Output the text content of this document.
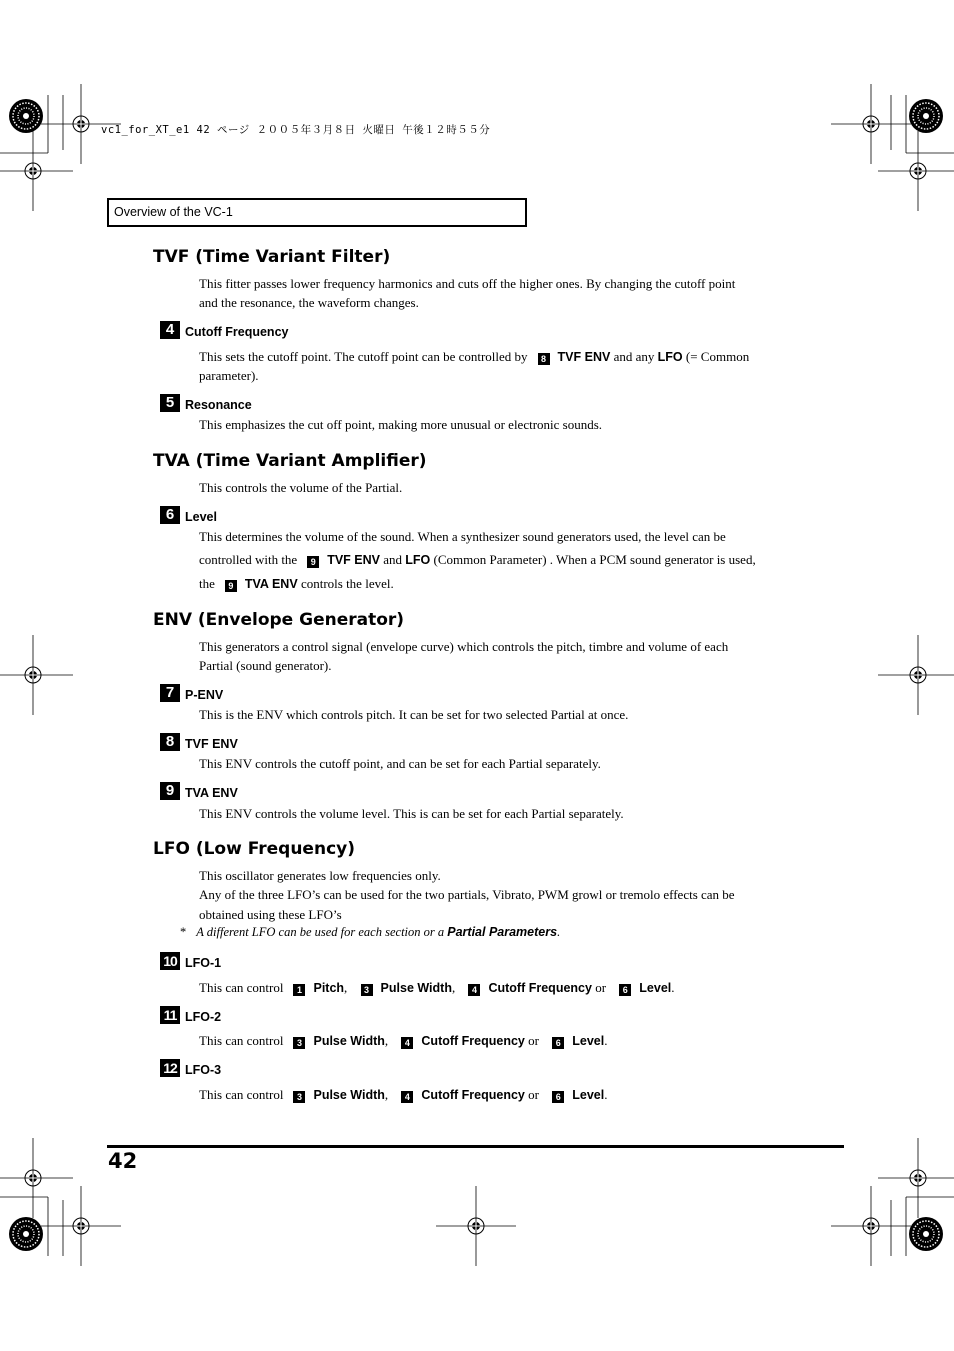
vc1_for_XT_e1 42 ページ ２００５年３月８日 火曜日 午後１２時５５分
Overview of the VC-1
TVF (Time Variant Filter)
This fitter passes lower frequency harmonics and cuts off the higher ones. By changing the cutoff point
and the resonance, the waveform changes.
4 Cutoff Frequency
This sets the cutoff point. The cutoff point can be controlled by 8 TVF ENV and any LFO (= Common
parameter).
5 Resonance
This emphasizes the cut off point, making more unusual or electronic sounds.
TVA (Time Variant Amplifier)
This controls the volume of the Partial.
6 Level
This determines the volume of the sound. When a synthesizer sound generators used, the level can be
controlled with the 9 TVF ENV and LFO (Common Parameter) . When a PCM sound generator is used,
the 9 TVA ENV controls the level.
ENV (Envelope Generator)
This generators a control signal (envelope curve) which controls the pitch, timbre and volume of each
Partial (sound generator).
7 P-ENV
This is the ENV which controls pitch. It can be set for two selected Partial at once.
8 TVF ENV
This ENV controls the cutoff point, and can be set for each Partial separately.
9 TVA ENV
This ENV controls the volume level. This is can be set for each Partial separately.
LFO (Low Frequency)
This oscillator generates low frequencies only.
Any of the three LFO’s can be used for the two partials, Vibrato, PWM growl or tremolo effects can be
obtained using these LFO’s
* A different LFO can be used for each section or a Partial Parameters.
10 LFO-1
This can control 1 Pitch, 3 Pulse Width, 4 Cutoff Frequency or 6 Level.
11 LFO-2
This can control 3 Pulse Width, 4 Cutoff Frequency or 6 Level.
12 LFO-3
This can control 3 Pulse Width, 4 Cutoff Frequency or 6 Level.
42
